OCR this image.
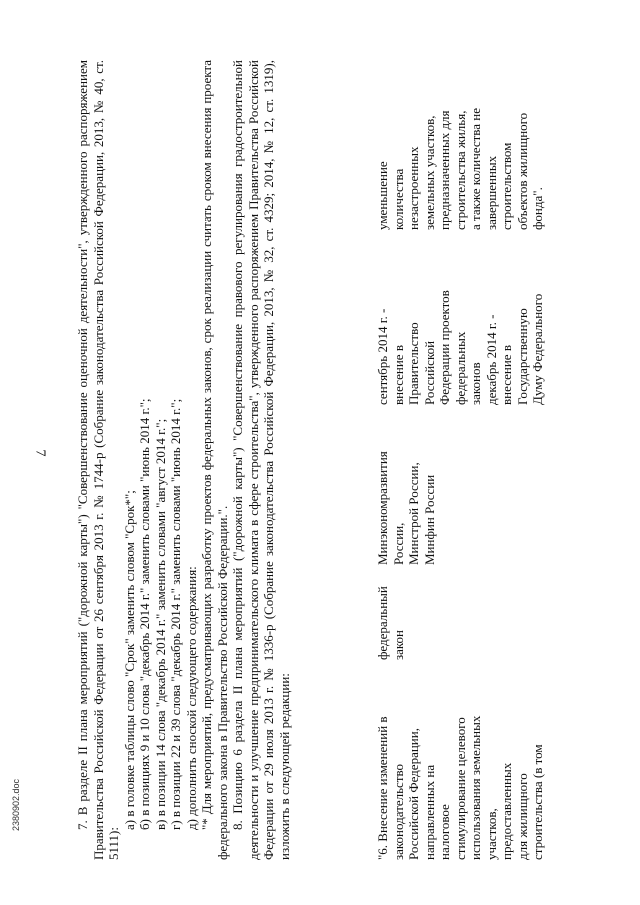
7
2380902.doc	7. В разделе II плана мероприятий ("дорожной карты") "Совершенствование оценочной деятельности", утвержденного распоряжением Правительства Российской Федерации от 26 сентября 2013 г. № 1744-р (Собрание законодательства Российской Федерации, 2013, № 40, ст. 5111):

а) в головке таблицы слово "Срок" заменить словом "Срок*"; б) в позициях 9 и 10 слова "декабрь 2014 г." заменить словами "июнь 2014 г."; в) в позиции 14 слова "декабрь 2014 г." заменить словами "август 2014 г."; г) в позиции 22 и 39 слова "декабрь 2014 г." заменить словами "июнь 2014 г."; д) дополнить сноской следующего содержания: "* Для мероприятий, предусматривающих разработку проектов федеральных законов, срок реализации считать сроком внесения проекта федерального закона в Правительство Российской Федерации.". 8. Позицию 6 раздела II плана мероприятий ("дорожной карты") "Совершенствование правового регулирования градостроительной деятельности и улучшение предпринимательского климата в сфере строительства", утвержденного распоряжением Правительства Российской Федерации от 29 июля 2013 г. № 1336-р (Собрание законодательства Российской Федерации, 2013, № 32, ст. 4329; 2014, № 12, ст. 1319), изложить в следующей редакции:	"6. Внесение изменений в
законодательство
Российской Федерации,
направленных на
налоговое
стимулирование целевого
использования земельных
участков,
предоставленных
для жилищного
строительства (в том
федеральный
закон
Минэкономразвития
России,
Минстрой России,
Минфин России
сентябрь 2014 г. -
внесение в
Правительство
Российской
Федерации проектов
федеральных
законов
декабрь 2014 г. -
внесение в
Государственную
Думу Федерального
уменьшение
количества
незастроенных
земельных участков,
предназначенных для
строительства жилья,
а также количества не
завершенных
строительством
объектов жилищного
фонда".
